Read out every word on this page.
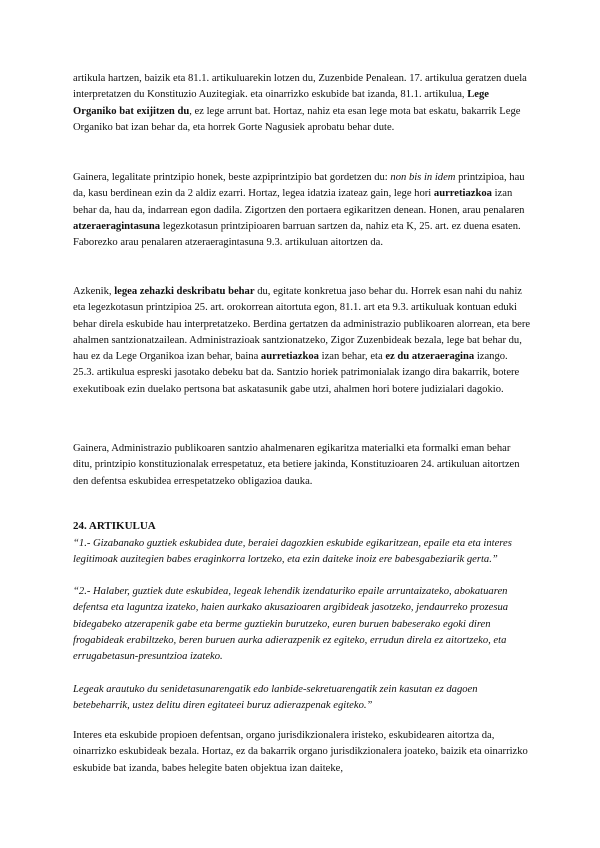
artikula hartzen, baizik eta 81.1. artikuluarekin lotzen du, Zuzenbide Penalean. 17. artikulua geratzen duela interpretatzen du Konstituzio Auzitegiak. eta oinarrizko eskubide bat izanda, 81.1. artikulua, Lege Organiko bat exijitzen du, ez lege arrunt bat. Hortaz, nahiz eta esan lege mota bat eskatu, bakarrik Lege Organiko bat izan behar da, eta horrek Gorte Nagusiek aprobatu behar dute.

Gainera, legalitate printzipio honek, beste azpiprintzipio bat gordetzen du: non bis in idem printzipioa, hau da, kasu berdinean ezin da 2 aldiz ezarri. Hortaz, legea idatzia izateaz gain, lege hori aurretiazkoa izan behar da, hau da, indarrean egon dadila. Zigortzen den portaera egikaritzen denean. Honen, arau penalaren atzeraeragintasuna legezkotasun printzipioaren barruan sartzen da, nahiz eta K, 25. art. ez duena esaten. Faborezko arau penalaren atzeraeragintasuna 9.3. artikuluan aitortzen da.

Azkenik, legea zehazki deskribatu behar du, egitate konkretua jaso behar du. Horrek esan nahi du nahiz eta legezkotasun printzipioa 25. art. orokorrean aitortuta egon, 81.1. art eta 9.3. artikuluak kontuan eduki behar direla eskubide hau interpretatzeko. Berdina gertatzen da administrazio publikoaren alorrean, eta bere ahalmen santzionatzailean. Administrazioak santzionatzeko, Zigor Zuzenbideak bezala, lege bat behar du, hau ez da Lege Organikoa izan behar, baina aurretiazkoa izan behar, eta ez du atzeraeragina izango. 25.3. artikulua espreski jasotako debeku bat da. Santzio horiek patrimonialak izango dira bakarrik, botere exekutiboak ezin duelako pertsona bat askatasunik gabe utzi, ahalmen hori botere judizialari dagokio.

Gainera, Administrazio publikoaren santzio ahalmenaren egikaritza materialki eta formalki eman behar ditu, printzipio konstituzionalak errespetatuz, eta betiere jakinda, Konstituzioaren 24. artikuluan aitortzen den defentsa eskubidea errespetatzeko obligazioa dauka.

24. ARTIKULUA

“1.- Gizabanako guztiek eskubidea dute, beraiei dagozkien eskubide egikaritzean, epaile eta eta interes legitimoak auzitegien babes eraginkorra lortzeko, eta ezin daiteke inoiz ere babesgabeziarik gerta.”

“2.- Halaber, guztiek dute eskubidea, legeak lehendik izendaturiko epaile arruntaizateko, abokatuaren defentsa eta laguntza izateko, haien aurkako akusazioaren argibideak jasotzeko, jendaurreko prozesua bidegabeko atzerapenik gabe eta berme guztiekin burutzeko, euren buruen babeserako egoki diren frogabideak erabiltzeko, beren buruen aurka adierazpenik ez egiteko, errudun direla ez aitortzeko, eta errugabetasun-presuntzioa izateko.

Legeak arautuko du senidetasunarengatik edo lanbide-sekretuarengatik zein kasutan ez dagoen betebeharrik, ustez delitu diren egitateei buruz adierazpenak egiteko.”

Interes eta eskubide propioen defentsan, organo jurisdikzionalera iristeko, eskubidearen aitortza da, oinarrizko eskubideak bezala. Hortaz, ez da bakarrik organo jurisdikzionalera joateko, baizik eta oinarrizko eskubide bat izanda, babes helegite baten objektua izan daiteke,
